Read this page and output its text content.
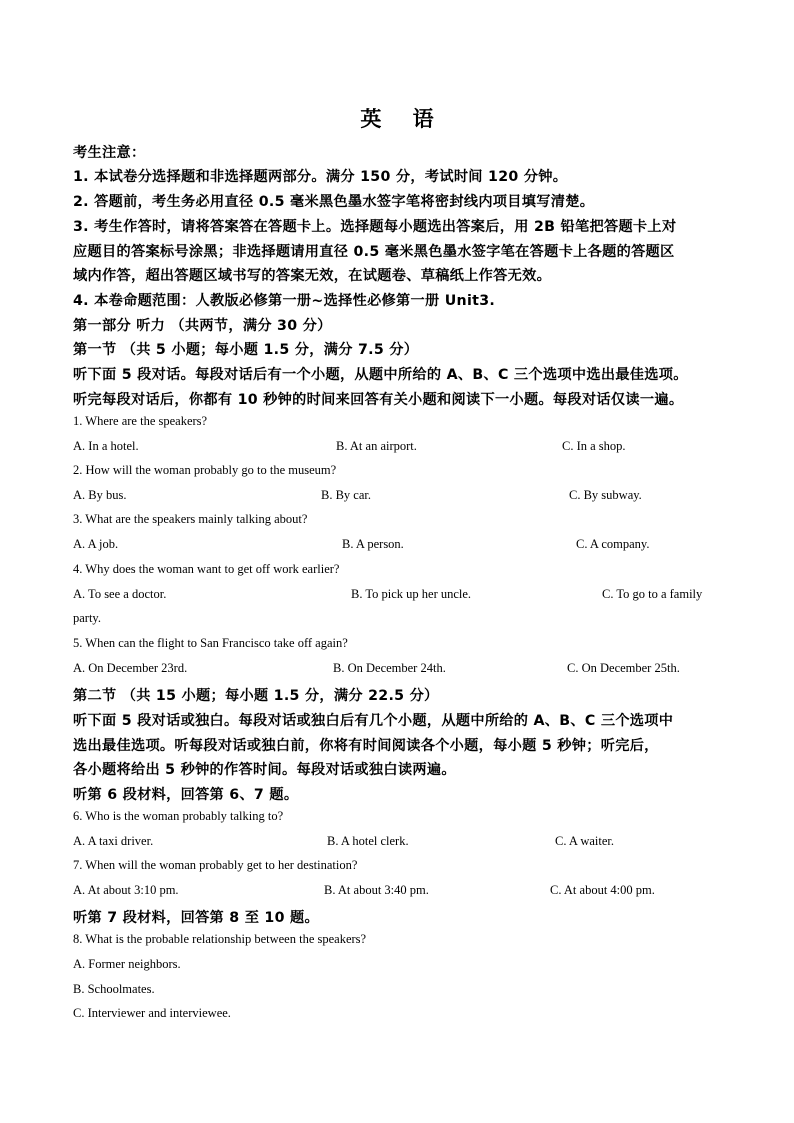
英 语
考生注意：
1. 本试卷分选择题和非选择题两部分。满分 150 分，考试时间 120 分钟。
2. 答题前，考生务必用直径 0.5 毫米黑色墨水签字笔将密封线内项目填写清楚。
3. 考生作答时，请将答案答在答题卡上。选择题每小题选出答案后，用 2B 铅笔把答题卡上对
应题目的答案标号涂黑；非选择题请用直径 0.5 毫米黑色墨水签字笔在答题卡上各题的答题区
域内作答，超出答题区域书写的答案无效，在试题卷、草稿纸上作答无效。
4. 本卷命题范围：人教版必修第一册~选择性必修第一册 Unit3.
第一部分 听力 （共两节，满分 30 分）
第一节 （共 5 小题；每小题 1.5 分，满分 7.5 分）
听下面 5 段对话。每段对话后有一个小题，从题中所给的 A、B、C 三个选项中选出最佳选项。
听完每段对话后，你都有 10 秒钟的时间来回答有关小题和阅读下一小题。每段对话仅读一遍。
1. Where are the speakers?
A. In a hotel.	B. At an airport.	C. In a shop.
2. How will the woman probably go to the museum?
A. By bus.	B. By car.	C. By subway.
3. What are the speakers mainly talking about?
A. A job.	B. A person.	C. A company.
4. Why does the woman want to get off work earlier?
A. To see a doctor.	B. To pick up her uncle.	C. To go to a family
party.
5. When can the flight to San Francisco take off again?
A. On December 23rd.	B. On December 24th.	C. On December 25th.
第二节 （共 15 小题；每小题 1.5 分，满分 22.5 分）
听下面 5 段对话或独白。每段对话或独白后有几个小题，从题中所给的 A、B、C 三个选项中
选出最佳选项。听每段对话或独白前，你将有时间阅读各个小题，每小题 5 秒钟；听完后，
各小题将给出 5 秒钟的作答时间。每段对话或独白读两遍。
听第 6 段材料，回答第 6、7 题。
6. Who is the woman probably talking to?
A. A taxi driver.	B. A hotel clerk.	C. A waiter.
7. When will the woman probably get to her destination?
A. At about 3:10 pm.	B. At about 3:40 pm.	C. At about 4:00 pm.
听第 7 段材料，回答第 8 至 10 题。
8. What is the probable relationship between the speakers?
A. Former neighbors.
B. Schoolmates.
C. Interviewer and interviewee.
